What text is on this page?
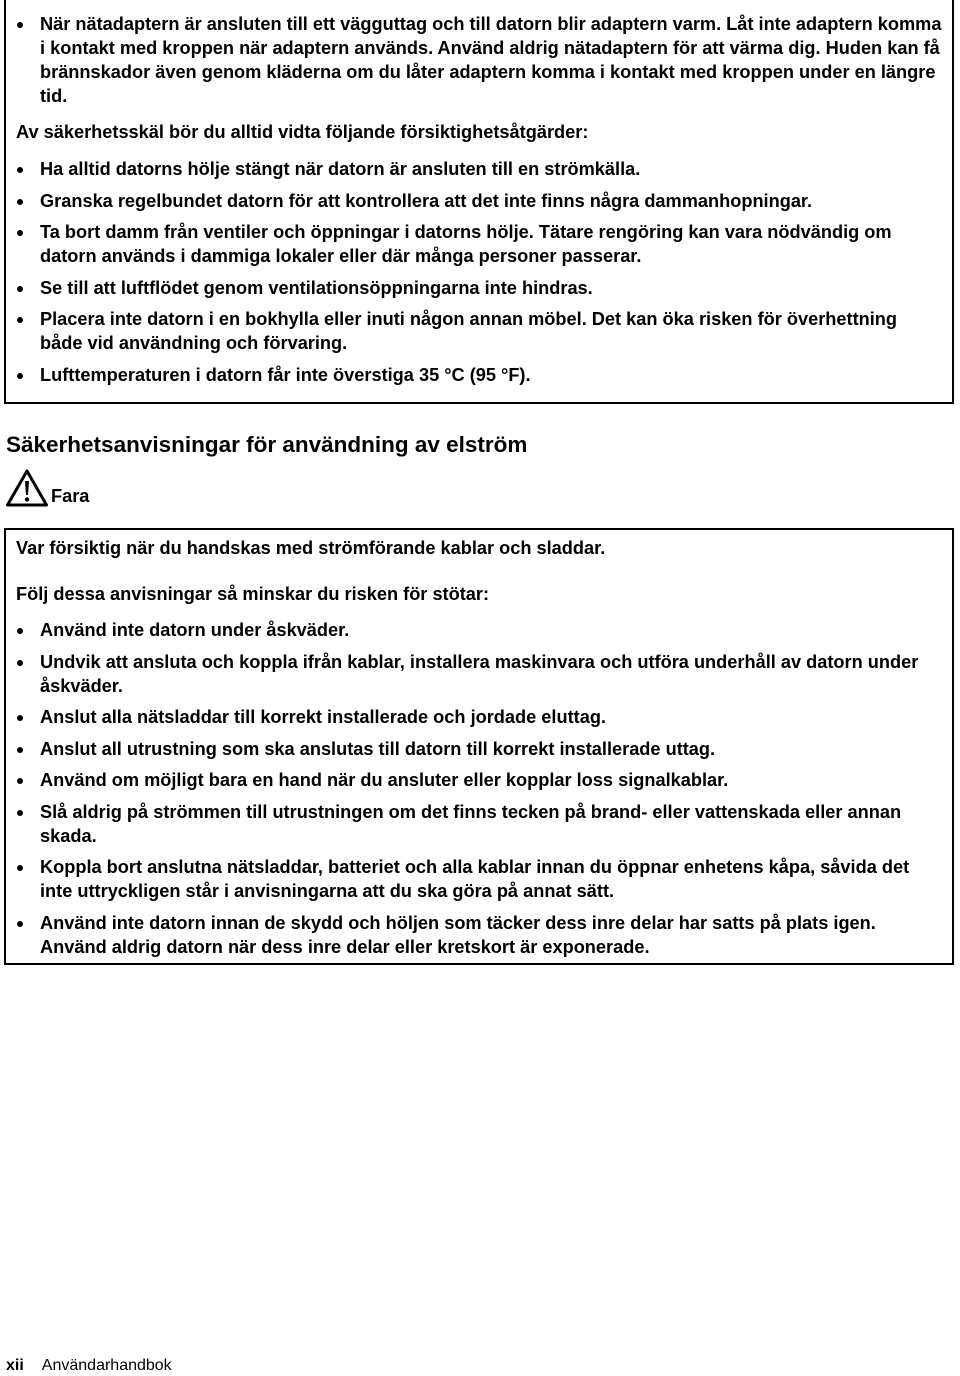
När nätadaptern är ansluten till ett vägguttag och till datorn blir adaptern varm. Låt inte adaptern komma i kontakt med kroppen när adaptern används. Använd aldrig nätadaptern för att värma dig. Huden kan få brännskador även genom kläderna om du låter adaptern komma i kontakt med kroppen under en längre tid.

Av säkerhetsskäl bör du alltid vidta följande försiktighetsåtgärder:

Ha alltid datorns hölje stängt när datorn är ansluten till en strömkälla.
Granska regelbundet datorn för att kontrollera att det inte finns några dammanhopningar.
Ta bort damm från ventiler och öppningar i datorns hölje. Tätare rengöring kan vara nödvändig om datorn används i dammiga lokaler eller där många personer passerar.
Se till att luftflödet genom ventilationsöppningarna inte hindras.
Placera inte datorn i en bokhylla eller inuti någon annan möbel. Det kan öka risken för överhettning både vid användning och förvaring.
Lufttemperaturen i datorn får inte överstiga 35 °C (95 °F).
Säkerhetsanvisningar för användning av elström
Fara

Var försiktig när du handskas med strömförande kablar och sladdar.

Följ dessa anvisningar så minskar du risken för stötar:

Använd inte datorn under åskväder.
Undvik att ansluta och koppla ifrån kablar, installera maskinvara och utföra underhåll av datorn under åskväder.
Anslut alla nätsladdar till korrekt installerade och jordade eluttag.
Anslut all utrustning som ska anslutas till datorn till korrekt installerade uttag.
Använd om möjligt bara en hand när du ansluter eller kopplar loss signalkablar.
Slå aldrig på strömmen till utrustningen om det finns tecken på brand- eller vattenskada eller annan skada.
Koppla bort anslutna nätsladdar, batteriet och alla kablar innan du öppnar enhetens kåpa, såvida det inte uttryckligen står i anvisningarna att du ska göra på annat sätt.
Använd inte datorn innan de skydd och höljen som täcker dess inre delar har satts på plats igen. Använd aldrig datorn när dess inre delar eller kretskort är exponerade.
xii Användarhandbok
